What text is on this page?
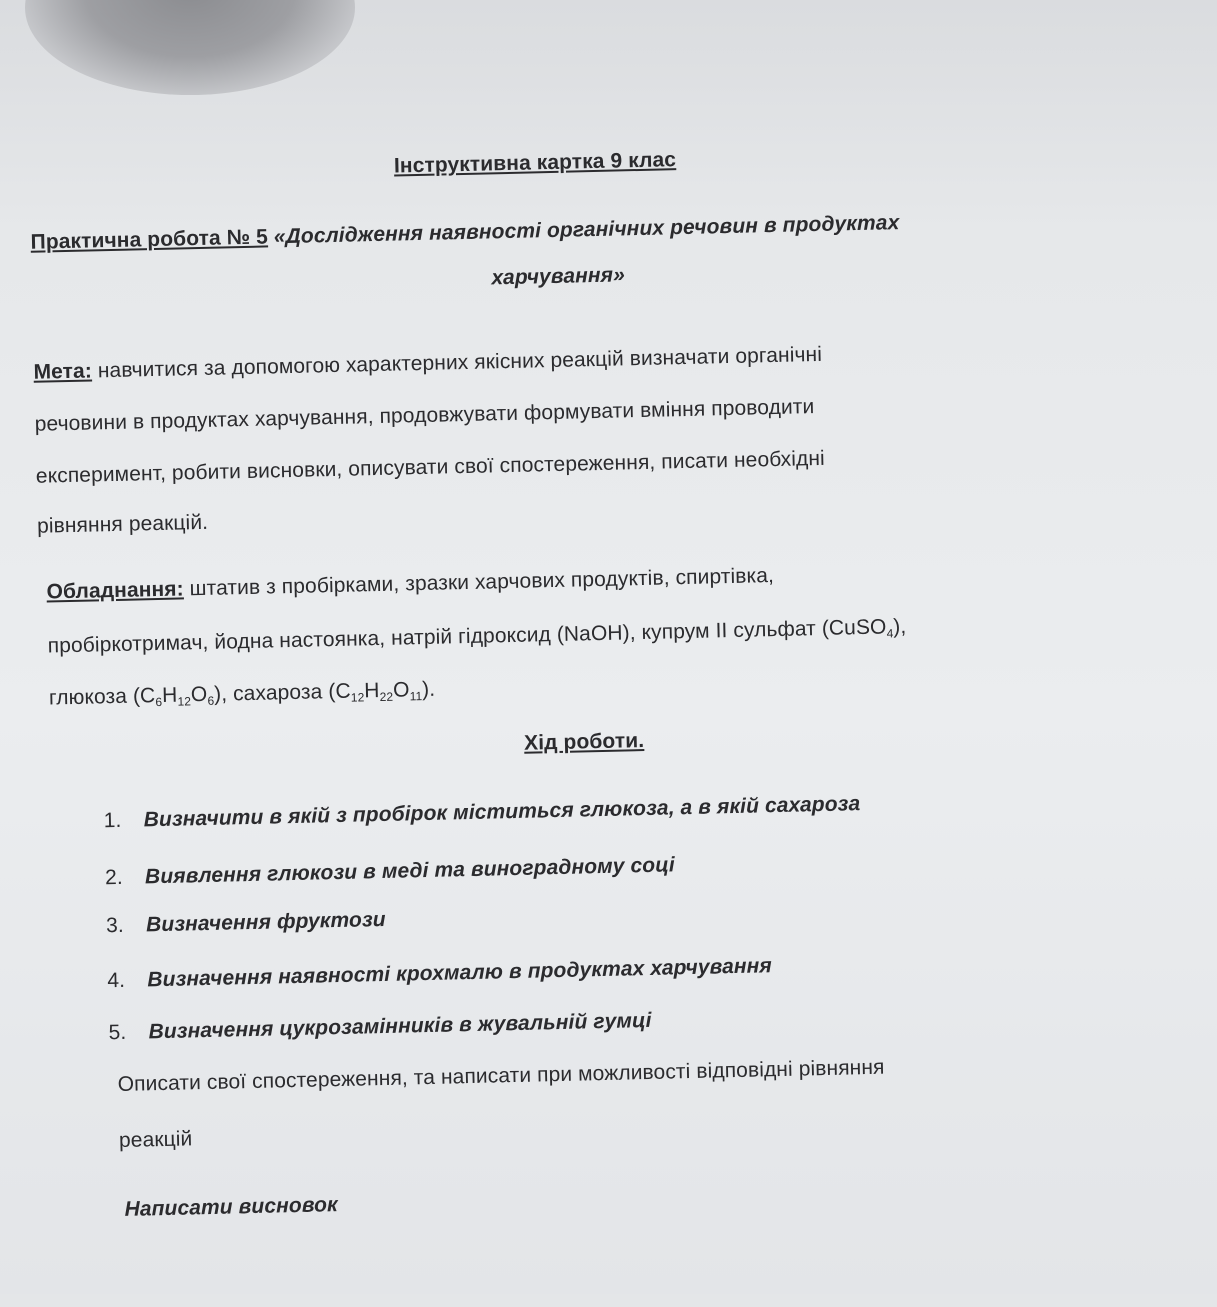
Інструктивна картка 9 клас
Практична робота № 5 «Дослідження наявності органічних речовин в продуктах
харчування»
Мета: навчитися за допомогою характерних якісних реакцій визначати органічні
речовини в продуктах харчування, продовжувати формувати вміння проводити
експеримент, робити висновки, описувати свої спостереження, писати необхідні
рівняння реакцій.
Обладнання: штатив з пробірками, зразки харчових продуктів, спиртівка,
пробіркотримач, йодна настоянка, натрій гідроксид (NaOH), купрум II сульфат (CuSO$_4$),
глюкоза $(C_6H_{12}O_6)$, сахароза $(C_{12}H_{22}O_{11})$.
Хід роботи.
1. Визначити в якій з пробірок міститься глюкоза, а в якій сахароза
2. Виявлення глюкози в меді та виноградному соці
3. Визначення фруктози
4. Визначення наявності крохмалю в продуктах харчування
5. Визначення цукрозамінників в жувальній гумці
Описати свої спостереження, та написати при можливості відповідні рівняння
реакцій
Написати висновок
